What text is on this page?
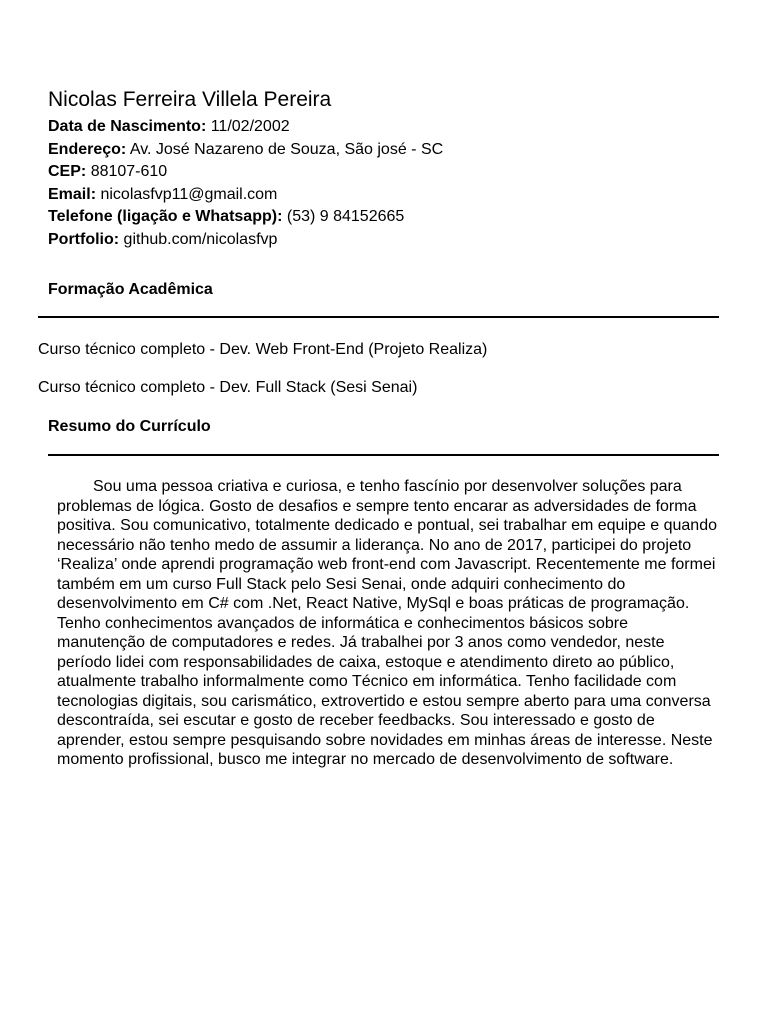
Nicolas Ferreira Villela Pereira
Data de Nascimento: 11/02/2002
Endereço: Av. José Nazareno de Souza, São josé - SC
CEP: 88107-610
Email: nicolasfvp11@gmail.com
Telefone (ligação e Whatsapp): (53) 9 84152665
Portfolio: github.com/nicolasfvp
Formação Acadêmica
Curso técnico completo - Dev. Web Front-End (Projeto Realiza)
Curso técnico completo - Dev. Full Stack (Sesi Senai)
Resumo do Currículo

Sou uma pessoa criativa e curiosa, e tenho fascínio por desenvolver soluções para problemas de lógica. Gosto de desafios e sempre tento encarar as adversidades de forma positiva. Sou comunicativo, totalmente dedicado e pontual, sei trabalhar em equipe e quando necessário não tenho medo de assumir a liderança. No ano de 2017, participei do projeto ‘Realiza’ onde aprendi programação web front-end com Javascript. Recentemente me formei também em um curso Full Stack pelo Sesi Senai, onde adquiri conhecimento do desenvolvimento em C# com .Net, React Native, MySql e boas práticas de programação. Tenho conhecimentos avançados de informática e conhecimentos básicos sobre manutenção de computadores e redes. Já trabalhei por 3 anos como vendedor, neste período lidei com responsabilidades de caixa, estoque e atendimento direto ao público, atualmente trabalho informalmente como Técnico em informática. Tenho facilidade com tecnologias digitais, sou carismático, extrovertido e estou sempre aberto para uma conversa descontraída, sei escutar e gosto de receber feedbacks. Sou interessado e gosto de aprender, estou sempre pesquisando sobre novidades em minhas áreas de interesse. Neste momento profissional, busco me integrar no mercado de desenvolvimento de software.
